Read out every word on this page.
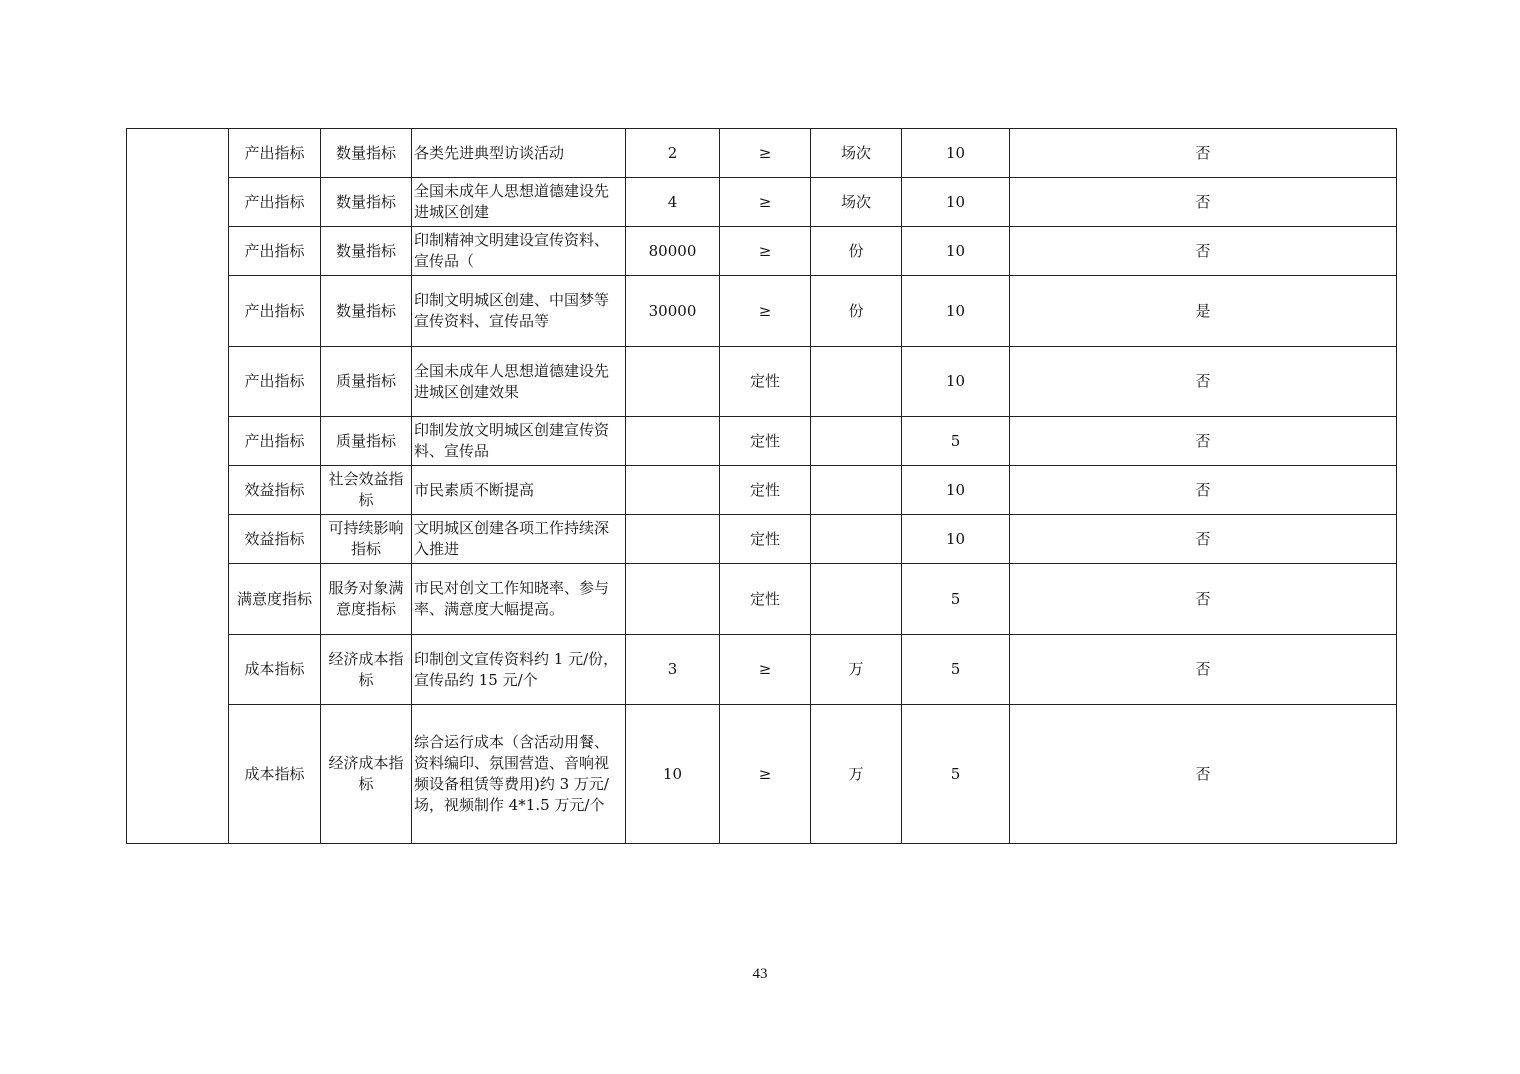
	产出指标	数量指标	各类先进典型访谈活动	2	≥	场次	10	否
	产出指标	数量指标	全国未成年人思想道德建设先进城区创建	4	≥	场次	10	否
	产出指标	数量指标	印制精神文明建设宣传资料、宣传品（	80000	≥	份	10	否
	产出指标	数量指标	印制文明城区创建、中国梦等宣传资料、宣传品等	30000	≥	份	10	是
	产出指标	质量指标	全国未成年人思想道德建设先进城区创建效果		定性		10	否
	产出指标	质量指标	印制发放文明城区创建宣传资料、宣传品		定性		5	否
	效益指标	社会效益指标	市民素质不断提高		定性		10	否
	效益指标	可持续影响指标	文明城区创建各项工作持续深入推进		定性		10	否
	满意度指标	服务对象满意度指标	市民对创文工作知晓率、参与率、满意度大幅提高。		定性		5	否
	成本指标	经济成本指标	印制创文宣传资料约 1 元/份，宣传品约 15 元/个	3	≥	万	5	否
	成本指标	经济成本指标	综合运行成本（含活动用餐、资料编印、氛围营造、音响视频设备租赁等费用)约 3 万元/场，视频制作 4*1.5 万元/个	10	≥	万	5	否
43
